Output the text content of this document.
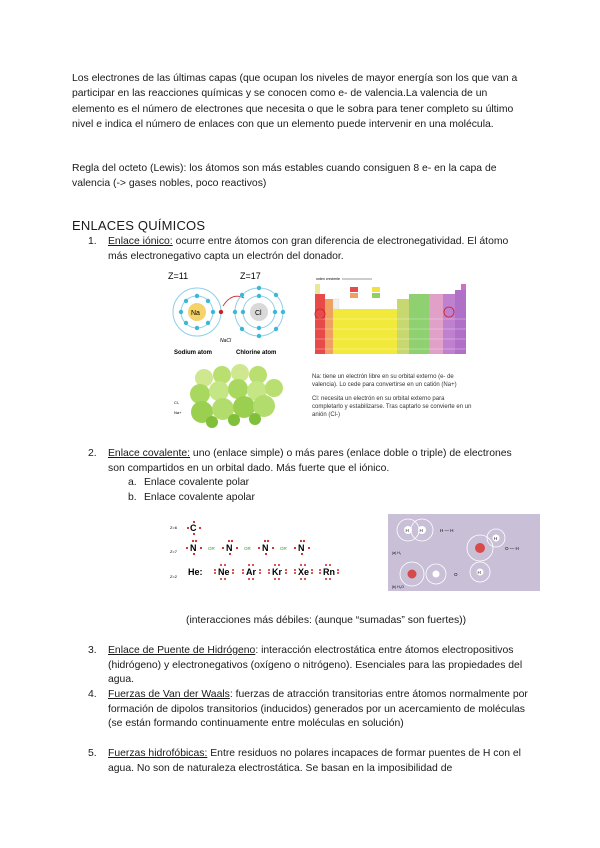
Los electrones de las últimas capas (que ocupan los niveles de mayor energía son los que van a participar en las reacciones químicas y se conocen como e- de valencia.La valencia de un elemento es el número de electrones que necesita o que le sobra para tener completo su último nivel e indica el número de enlaces con que un elemento puede intervenir en una molécula.

Regla del octeto (Lewis): los átomos son más estables cuando consiguen 8 e- en la capa de valencia (-> gases nobles, poco reactivos)

ENLACES QUÍMICOS
1. Enlace iónico: ocurre entre átomos con gran diferencia de electronegatividad. El átomo más electronegativo capta un electrón del donador.
Z=11	Z=17
Na	Cl
NaCl
Sodium atom	Chlorine atom
orden creciente
Cl-
Na+
Na: tiene un electrón libre en su orbital externo (e- de valencia). Lo cede para convertirse en un catión (Na+)
Cl: necesita un electrón en su orbital externo para completarlo y estabilizarse. Tras captarlo se convierte en un anión (Cl-)
2. Enlace covalente: uno (enlace simple) o más pares (enlace doble o triple) de electrones son compartidos en un orbital dado. Más fuerte que el iónico.
a. Enlace covalente polar
b. Enlace covalente apolar
Z=6
Z=7
Z=2
C
N	OR N	OR N	OR N
He: Ne Ar Kr Xe Rn
H H	H — H
H
O — H
H
O
(a) H₂
(b) H₂O
(interacciones más débiles: (aunque “sumadas” son fuertes))
3. Enlace de Puente de Hidrógeno: interacción electrostática entre átomos electropositivos (hidrógeno) y electronegativos (oxígeno o nitrógeno). Esenciales para las propiedades del agua.
4. Fuerzas de Van der Waals: fuerzas de atracción transitorias entre átomos normalmente por formación de dipolos transitorios (inducidos) generados por un acercamiento de moléculas (se están formando continuamente entre moléculas en solución)
5. Fuerzas hidrofóbicas: Entre residuos no polares incapaces de formar puentes de H con el agua. No son de naturaleza electrostática. Se basan en la imposibilidad de
